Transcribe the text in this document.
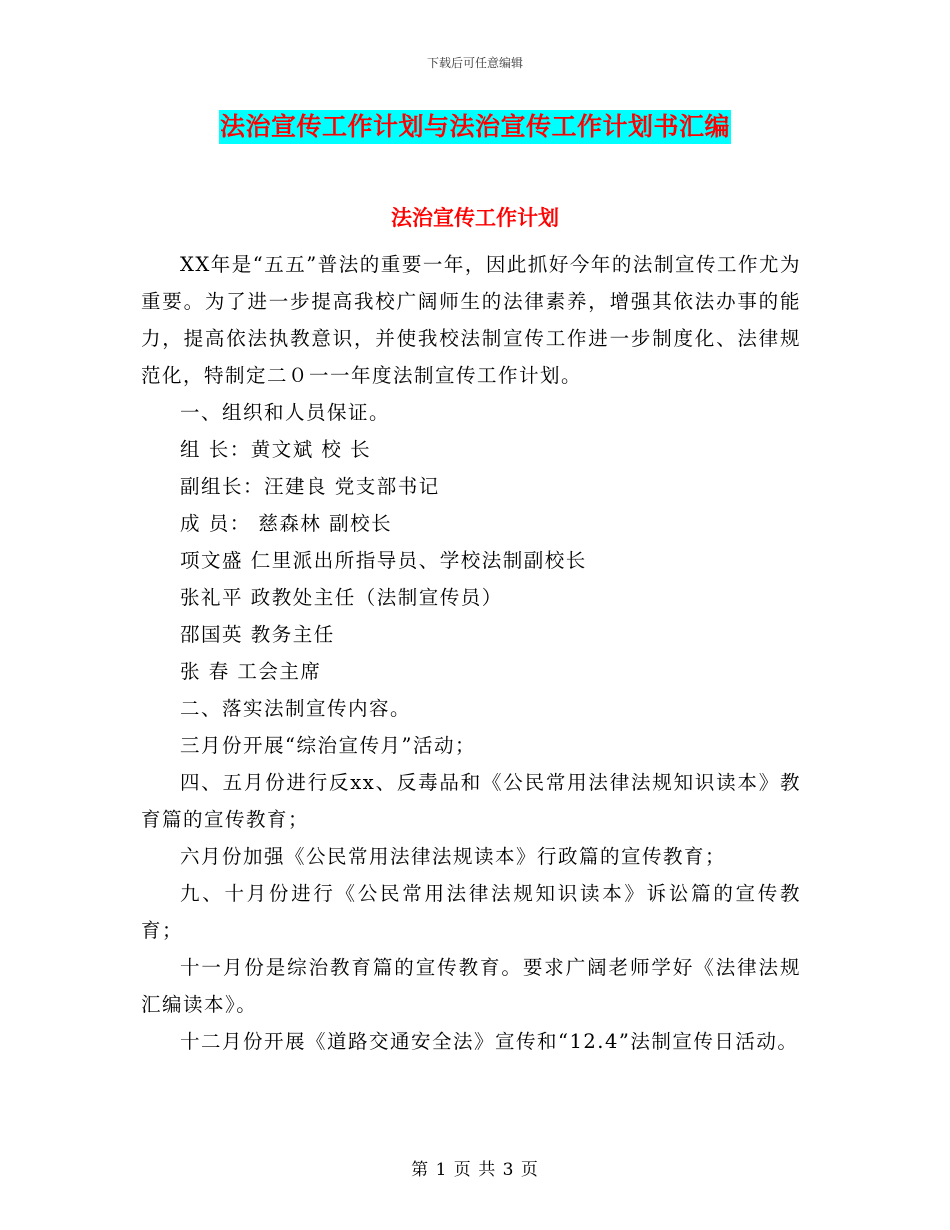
下载后可任意编辑
法治宣传工作计划与法治宣传工作计划书汇编
法治宣传工作计划

XX年是“五五”普法的重要一年，因此抓好今年的法制宣传工作尤为重要。为了进一步提高我校广阔师生的法律素养，增强其依法办事的能力，提高依法执教意识，并使我校法制宣传工作进一步制度化、法律规范化，特制定二０一一年度法制宣传工作计划。

一、组织和人员保证。

组 长：黄文斌 校 长

副组长：汪建良 党支部书记

成 员： 慈森林 副校长

项文盛 仁里派出所指导员、学校法制副校长

张礼平 政教处主任（法制宣传员）

邵国英 教务主任

张 春 工会主席

二、落实法制宣传内容。

三月份开展“综治宣传月”活动；

四、五月份进行反xx、反毒品和《公民常用法律法规知识读本》教育篇的宣传教育；

六月份加强《公民常用法律法规读本》行政篇的宣传教育；

九、十月份进行《公民常用法律法规知识读本》诉讼篇的宣传教育；

十一月份是综治教育篇的宣传教育。要求广阔老师学好《法律法规汇编读本》。

十二月份开展《道路交通安全法》宣传和“12.4”法制宣传日活动。

第 1 页 共 3 页
